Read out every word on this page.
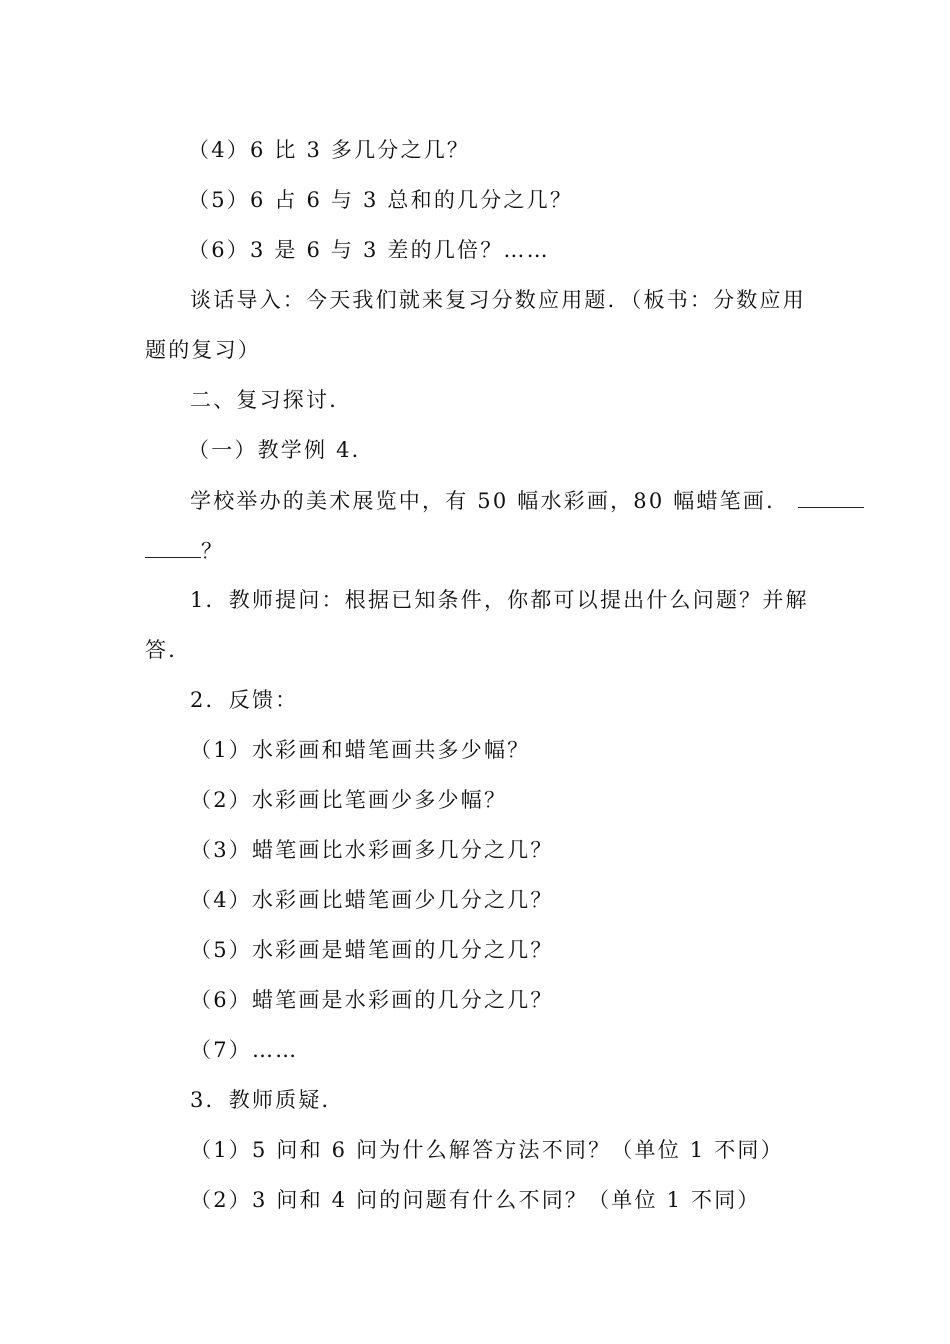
（4）6 比 3 多几分之几？
（5）6 占 6 与 3 总和的几分之几？
（6）3 是 6 与 3 差的几倍？……
谈话导入：今天我们就来复习分数应用题．（板书：分数应用
题的复习）
二、复习探讨．
（一）教学例 4．
学校举办的美术展览中，有 50 幅水彩画，80 幅蜡笔画．
？
1．教师提问：根据已知条件，你都可以提出什么问题？并解
答．
2．反馈：
（1）水彩画和蜡笔画共多少幅？
（2）水彩画比笔画少多少幅？
（3）蜡笔画比水彩画多几分之几？
（4）水彩画比蜡笔画少几分之几？
（5）水彩画是蜡笔画的几分之几？
（6）蜡笔画是水彩画的几分之几？
（7）……
3．教师质疑．
（1）5 问和 6 问为什么解答方法不同？（单位 1 不同）
（2）3 问和 4 问的问题有什么不同？（单位 1 不同）
